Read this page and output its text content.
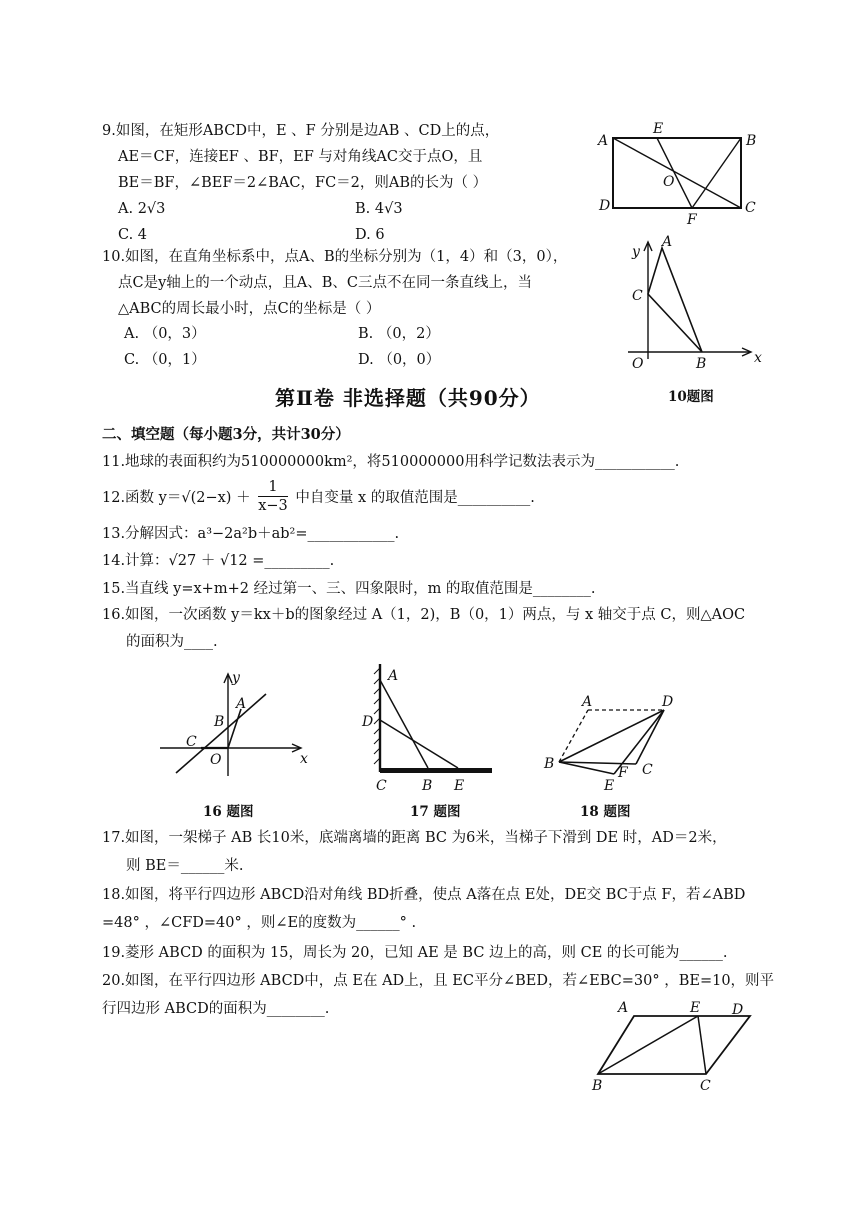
9.如图，在矩形ABCD中，E 、F 分别是边AB 、CD上的点，
AE＝CF，连接EF 、BF，EF 与对角线AC交于点O，且
BE＝BF，∠BEF＝2∠BAC，FC＝2，则AB的长为（ ）
A. 2√3	B. 4√3
C. 4	D. 6
A
E
B
D
O
F
C
10.如图，在直角坐标系中，点A、B的坐标分别为（1，4）和（3，0），
点C是y轴上的一个动点，且A、B、C三点不在同一条直线上，当
△ABC的周长最小时，点C的坐标是（ ）
A. （0，3）	B. （0，2）
C. （0，1）	D. （0，0）
y
A
C
O	B	x
10题图
第Ⅱ卷 非选择题（共90分）
二、填空题（每小题3分，共计30分）
11.地球的表面积约为510000000km²，将510000000用科学记数法表示为___________.
12.函数 $y=√(2-x) + \frac{1}{x-3}$ 中自变量 x 的取值范围是__________.
13.分解因式：a³−2a²b＋ab²=____________.
14.计算：√27 ＋ √12 =_________.
15.当直线 y=x+m+2 经过第一、三、四象限时，m 的取值范围是________.
16.如图，一次函数 y＝kx＋b的图象经过 A（1，2)，B（0，1）两点，与 x 轴交于点 C，则△AOC
的面积为____.
y
A
B
C
O	x
16 题图
A
D
C	B E
17 题图
A	D
B
F C
E
18 题图
17.如图，一架梯子 AB 长10米，底端离墙的距离 BC 为6米，当梯子下滑到 DE 时，AD＝2米，
则 BE＝______米.
18.如图，将平行四边形 ABCD沿对角线 BD折叠，使点 A落在点 E处，DE交 BC于点 F，若∠ABD
=48° ，∠CFD=40° ，则∠E的度数为______° .
19.菱形 ABCD 的面积为 15，周长为 20，已知 AE 是 BC 边上的高，则 CE 的长可能为______.
20.如图，在平行四边形 ABCD中，点 E在 AD上，且 EC平分∠BED，若∠EBC=30° ，BE=10，则平
行四边形 ABCD的面积为________.	A	E D
B	C
